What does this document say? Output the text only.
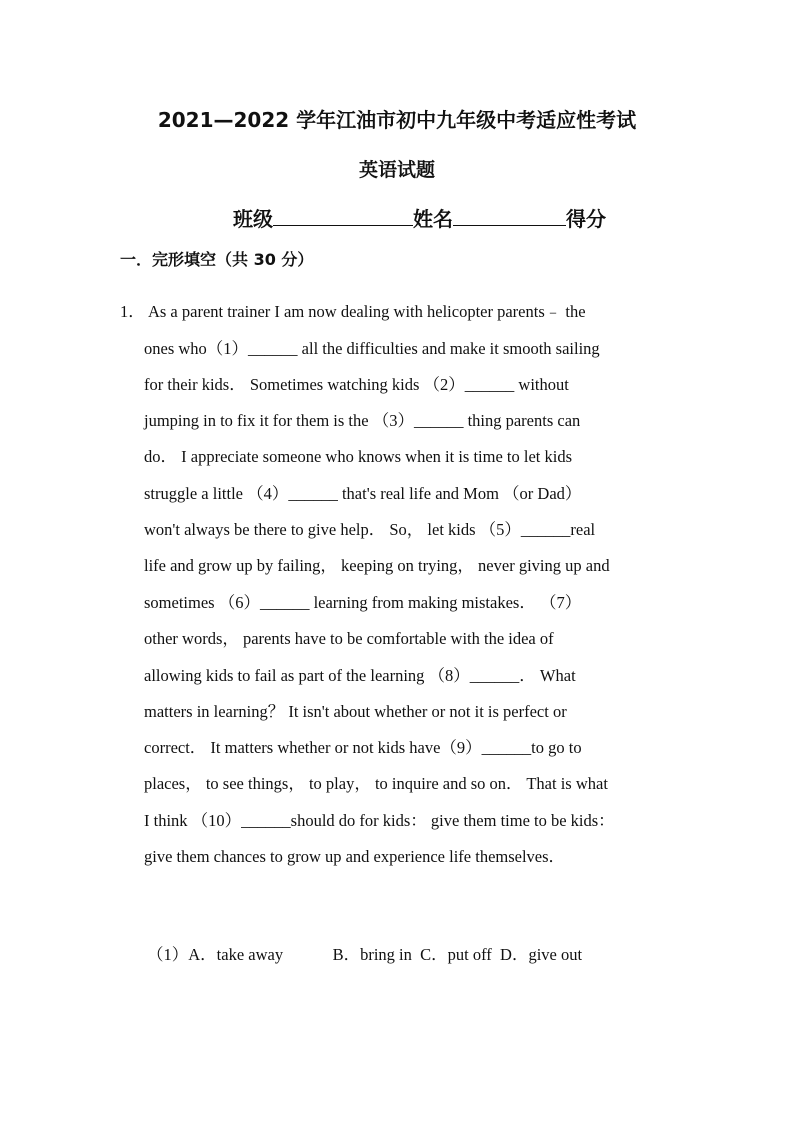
2021—2022 学年江油市初中九年级中考适应性考试
英语试题
班级	姓名	得分
一．完形填空（共 30 分）
1． As a parent trainer I am now dealing with helicopter parents﹣ the
ones who（1）______ all the difficulties and make it smooth sailing
for their kids． Sometimes watching kids （2）______ without
jumping in to fix it for them is the （3）______ thing parents can
do． I appreciate someone who knows when it is time to let kids
struggle a little （4）______ that's real life and Mom （or Dad）
won't always be there to give help． So， let kids （5）______real
life and grow up by failing， keeping on trying， never giving up and
sometimes （6）______ learning from making mistakes． （7）
other words， parents have to be comfortable with the idea of
allowing kids to fail as part of the learning （8）______． What
matters in learning？ It isn't about whether or not it is perfect or
correct． It matters whether or not kids have（9）______to go to
places， to see things， to play， to inquire and so on． That is what
I think （10）______should do for kids： give them time to be kids：
give them chances to grow up and experience life themselves．
（1）A．take away	B．bring in C．put off D．give out
